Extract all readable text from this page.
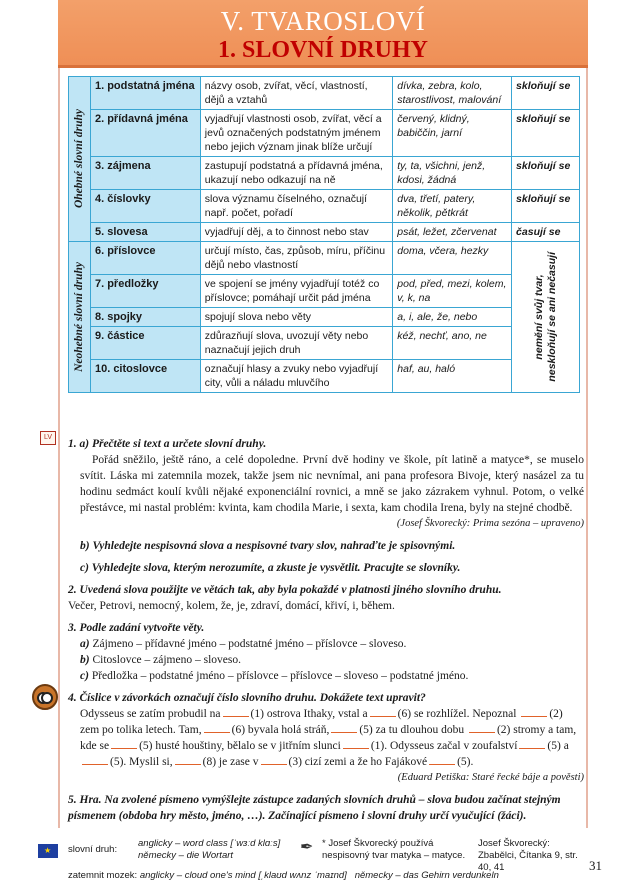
V. TVAROSLOVÍ
1. SLOVNÍ DRUHY
Ohebné slovní druhy	1. podstatná jména	názvy osob, zvířat, věcí, vlastností, dějů a vztahů	dívka, zebra, kolo, starostlivost, malování	skloňují se
	2. přídavná jména	vyjadřují vlastnosti osob, zvířat, věcí a jevů označených podstatným jménem nebo jejich význam jinak blíže určují	červený, klidný, babiččin, jarní	skloňují se
	3. zájmena	zastupují podstatná a přídavná jména, ukazují nebo odkazují na ně	ty, ta, všichni, jenž, kdosi, žádná	skloňují se
	4. číslovky	slova významu číselného, označují např. počet, pořadí	dva, třetí, patery, několik, pětkrát	skloňují se
	5. slovesa	vyjadřují děj, a to činnost nebo stav	psát, ležet, zčervenat	časují se

Neohebné slovní druhy	6. příslovce	určují místo, čas, způsob, míru, příčinu dějů nebo vlastností	doma, včera, hezky	nemění svůj tvar,
neskloňují se ani nečasují

	7. předložky	ve spojení se jmény vyjadřují totéž co příslovce; pomáhají určit pád jména	pod, před, mezi, kolem, v, k, na	
	8. spojky	spojují slova nebo věty	a, i, ale, že, nebo	
	9. částice	zdůrazňují slova, uvozují věty nebo naznačují jejich druh	kéž, nechť, ano, ne	
	10. citoslovce	označují hlasy a zvuky nebo vyjadřují city, vůli a náladu mluvčího	haf, au, haló	
LV
1. a) Přečtěte si text a určete slovní druhy.
Pořád sněžilo, ještě ráno, a celé dopoledne. První dvě hodiny ve škole, pít latině a matyce*, se muselo svítit. Láska mi zatemnila mozek, takže jsem nic nevnímal, ani pana profesora Bivoje, který nasázel za tu hodinu sedmáct koulí kvůli nějaké exponenciální rovnici, a mně se jako zázrakem vyhnul. Potom, o velké přestávce, mi nastal problém: kvinta, kam chodila Marie, i sexta, kam chodila Irena, byly na stejné chodbě.
(Josef Škvorecký: Prima sezóna – upraveno)
b) Vyhledejte nespisovná slova a nespisovné tvary slov, nahraďte je spisovnými.
c) Vyhledejte slova, kterým nerozumíte, a zkuste je vysvětlit. Pracujte se slovníky.
2. Uvedená slova použijte ve větách tak, aby byla pokaždé v platnosti jiného slovního druhu.
Večer, Petrovi, nemocný, kolem, že, je, zdraví, domácí, křiví, i, během.
3. Podle zadání vytvořte věty.
a) Zájmeno – přídavné jméno – podstatné jméno – příslovce – sloveso.
b) Citoslovce – zájmeno – sloveso.
c) Předložka – podstatné jméno – příslovce – příslovce – sloveso – podstatné jméno.
4. Číslice v závorkách označují číslo slovního druhu. Dokážete text upravit?
Odysseus se zatím probudil na	(1) ostrova Ithaky, vstal a	(6) se rozhlížel. Nepoznal	(2) zem po tolika letech. Tam,	(6) byvala holá stráň,	(5) za tu dlouhou dobu	(2) stromy a tam, kde se	(5) husté houštiny, bělalo se v jitřním slunci	(1). Odysseus začal v zoufalství	(5) a(5). Myslil si,	(8) je zase v	(3) cizí zemi a že ho Fajákové	(5).
(Eduard Petiška: Staré řecké báje a pověsti)
5. Hra. Na zvolené písmeno vymýšlejte zástupce zadaných slovních druhů – slova budou začínat stejným písmenem (obdoba hry město, jméno, …). Začínající písmeno i slovní druhy určí vyučující (žáci).
★
slovní druh:
anglicky – word class [ˈwɜːd klɑːs]
německy – die Wortart
zatemnit mozek: anglicky – cloud one's mind [ˌklaʊd wʌnz ˈmaɪnd] německy – das Gehirn verdunkeln
✒ * Josef Škvorecký používá nespisovný tvar matyka – matyce.
Josef Škvorecký: Zbabělci, Čítanka 9, str. 40, 41	31
